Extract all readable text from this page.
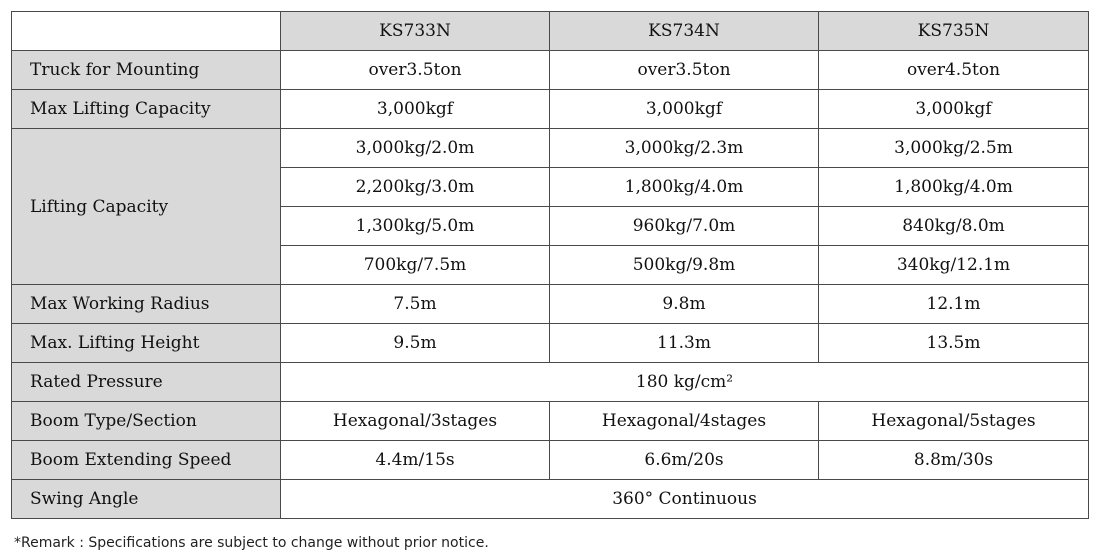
	KS733N	KS734N	KS735N
Truck for Mounting	over3.5ton	over3.5ton	over4.5ton
Max Lifting Capacity	3,000kgf	3,000kgf	3,000kgf
Lifting Capacity	3,000kg/2.0m	3,000kg/2.3m	3,000kg/2.5m
	2,200kg/3.0m	1,800kg/4.0m	1,800kg/4.0m
	1,300kg/5.0m	960kg/7.0m	840kg/8.0m
	700kg/7.5m	500kg/9.8m	340kg/12.1m
Max Working Radius	7.5m	9.8m	12.1m
Max. Lifting Height	9.5m	11.3m	13.5m
Rated Pressure	180 kg/cm²		
Boom Type/Section	Hexagonal/3stages	Hexagonal/4stages	Hexagonal/5stages
Boom Extending Speed	4.4m/15s	6.6m/20s	8.8m/30s
Swing Angle	360° Continuous		
*Remark : Specifications are subject to change without prior notice.
